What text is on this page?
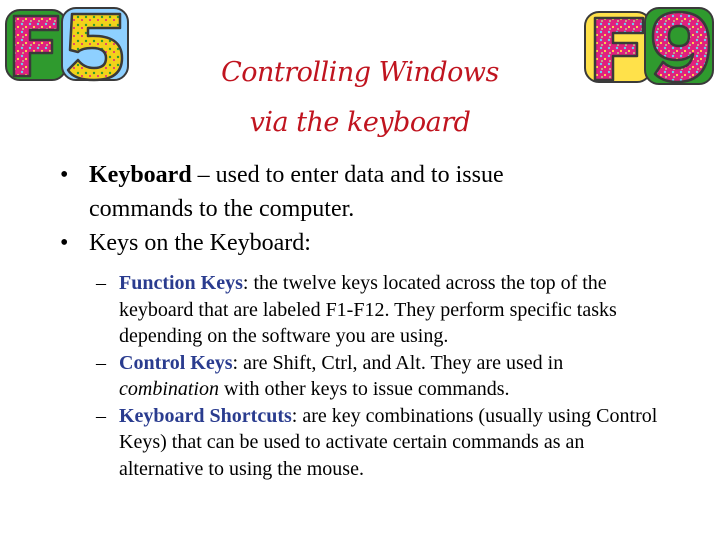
Controlling Windows
via the keyboard

• Keyboard – used to enter data and to issue commands to the computer.

• Keys on the Keyboard:

– Function Keys: the twelve keys located across the top of the keyboard that are labeled F1-F12. They perform specific tasks depending on the software you are using.

– Control Keys: are Shift, Ctrl, and Alt. They are used in combination with other keys to issue commands.

– Keyboard Shortcuts: are key combinations (usually using Control Keys) that can be used to activate certain commands as an alternative to using the mouse.
